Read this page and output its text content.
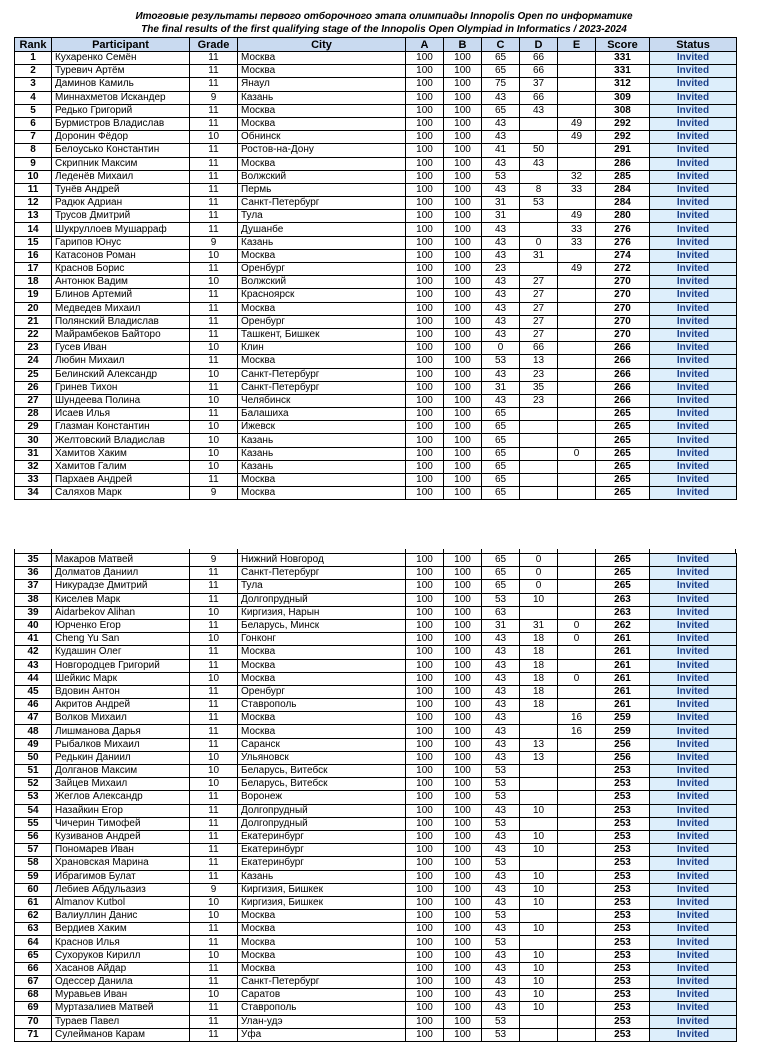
Итоговые результаты первого отборочного этапа олимпиады Innopolis Open по информатике
The final results of the first qualifying stage of the Innopolis Open Olympiad in Informatics / 2023-2024
Rank	Participant	Grade	City	A	B	C	D	E	Score	Status
1	Кухаренко Семён	11	Москва	100	100	65	66		331	Invited
2	Туревич Артём	11	Москва	100	100	65	66		331	Invited
3	Даминов Камиль	11	Янаул	100	100	75	37		312	Invited
4	Миннахметов Искандер	9	Казань	100	100	43	66		309	Invited
5	Редько Григорий	11	Москва	100	100	65	43		308	Invited
6	Бурмистров Владислав	11	Москва	100	100	43		49	292	Invited
7	Доронин Фёдор	10	Обнинск	100	100	43		49	292	Invited
8	Белоусько Константин	11	Ростов-на-Дону	100	100	41	50		291	Invited
9	Скрипник Максим	11	Москва	100	100	43	43		286	Invited
10	Леденёв Михаил	11	Волжский	100	100	53		32	285	Invited
11	Тунёв Андрей	11	Пермь	100	100	43	8	33	284	Invited
12	Радюк Адриан	11	Санкт-Петербург	100	100	31	53		284	Invited
13	Трусов Дмитрий	11	Тула	100	100	31		49	280	Invited
14	Шукруллоев Мушарраф	11	Душанбе	100	100	43		33	276	Invited
15	Гарипов Юнус	9	Казань	100	100	43	0	33	276	Invited
16	Катасонов Роман	10	Москва	100	100	43	31		274	Invited
17	Краснов Борис	11	Оренбург	100	100	23		49	272	Invited
18	Антонюк Вадим	10	Волжский	100	100	43	27		270	Invited
19	Блинов Артемий	11	Красноярск	100	100	43	27		270	Invited
20	Медведев Михаил	11	Москва	100	100	43	27		270	Invited
21	Полянский Владислав	11	Оренбург	100	100	43	27		270	Invited
22	Майрамбеков Байторо	11	Ташкент, Бишкек	100	100	43	27		270	Invited
23	Гусев Иван	10	Клин	100	100	0	66		266	Invited
24	Любин Михаил	11	Москва	100	100	53	13		266	Invited
25	Белинский Александр	10	Санкт-Петербург	100	100	43	23		266	Invited
26	Гринев Тихон	11	Санкт-Петербург	100	100	31	35		266	Invited
27	Шундеева Полина	10	Челябинск	100	100	43	23		266	Invited
28	Исаев Илья	11	Балашиха	100	100	65			265	Invited
29	Глазман Константин	10	Ижевск	100	100	65			265	Invited
30	Желтовский Владислав	10	Казань	100	100	65			265	Invited
31	Хамитов Хаким	10	Казань	100	100	65		0	265	Invited
32	Хамитов Галим	10	Казань	100	100	65			265	Invited
33	Пархаев Андрей	11	Москва	100	100	65			265	Invited
34	Саляхов Марк	9	Москва	100	100	65			265	Invited
35	Макаров Матвей	9	Нижний Новгород	100	100	65	0		265	Invited
36	Долматов Даниил	11	Санкт-Петербург	100	100	65	0		265	Invited
37	Никурадзе Дмитрий	11	Тула	100	100	65	0		265	Invited
38	Киселев Марк	11	Долгопрудный	100	100	53	10		263	Invited
39	Aidarbekov Alihan	10	Киргизия, Нарын	100	100	63			263	Invited
40	Юрченко Егор	11	Беларусь, Минск	100	100	31	31	0	262	Invited
41	Cheng Yu San	10	Гонконг	100	100	43	18	0	261	Invited
42	Кудашин Олег	11	Москва	100	100	43	18		261	Invited
43	Новгородцев Григорий	11	Москва	100	100	43	18		261	Invited
44	Шейкис Марк	10	Москва	100	100	43	18	0	261	Invited
45	Вдовин Антон	11	Оренбург	100	100	43	18		261	Invited
46	Акритов Андрей	11	Ставрополь	100	100	43	18		261	Invited
47	Волков Михаил	11	Москва	100	100	43		16	259	Invited
48	Лишманова Дарья	11	Москва	100	100	43		16	259	Invited
49	Рыбалков Михаил	11	Саранск	100	100	43	13		256	Invited
50	Редькин Даниил	10	Ульяновск	100	100	43	13		256	Invited
51	Долганов Максим	10	Беларусь, Витебск	100	100	53			253	Invited
52	Зайцев Михаил	10	Беларусь, Витебск	100	100	53			253	Invited
53	Жеглов Александр	11	Воронеж	100	100	53			253	Invited
54	Назайкин Егор	11	Долгопрудный	100	100	43	10		253	Invited
55	Чичерин Тимофей	11	Долгопрудный	100	100	53			253	Invited
56	Кузиванов Андрей	11	Екатеринбург	100	100	43	10		253	Invited
57	Пономарев Иван	11	Екатеринбург	100	100	43	10		253	Invited
58	Храновская Марина	11	Екатеринбург	100	100	53			253	Invited
59	Ибрагимов Булат	11	Казань	100	100	43	10		253	Invited
60	Лебиев Абдульазиз	9	Киргизия, Бишкек	100	100	43	10		253	Invited
61	Almanov Kutbol	10	Киргизия, Бишкек	100	100	43	10		253	Invited
62	Валиуллин Данис	10	Москва	100	100	53			253	Invited
63	Вердиев Хаким	11	Москва	100	100	43	10		253	Invited
64	Краснов Илья	11	Москва	100	100	53			253	Invited
65	Сухоруков Кирилл	10	Москва	100	100	43	10		253	Invited
66	Хасанов Айдар	11	Москва	100	100	43	10		253	Invited
67	Одессер Данила	11	Санкт-Петербург	100	100	43	10		253	Invited
68	Муравьев Иван	10	Саратов	100	100	43	10		253	Invited
69	Муртазалиев Матвей	11	Ставрополь	100	100	43	10		253	Invited
70	Тураев Павел	11	Улан-удэ	100	100	53			253	Invited
71	Сулейманов Карам	11	Уфа	100	100	53			253	Invited
